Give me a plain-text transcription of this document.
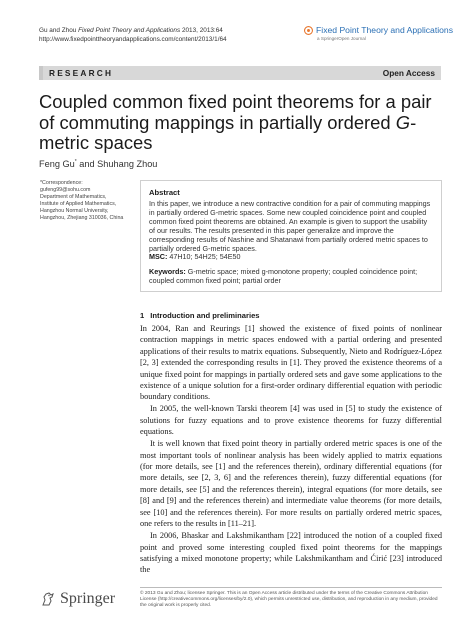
Gu and Zhou Fixed Point Theory and Applications 2013, 2013:64
http://www.fixedpointtheoryandapplications.com/content/2013/1/64
Fixed Point Theory and Applications
a SpringerOpen Journal
RESEARCH	Open Access
Coupled common fixed point theorems for a pair of commuting mappings in partially ordered G-metric spaces
Feng Gu* and Shuhang Zhou
*Correspondence:
gufeng99@sohu.com
Department of Mathematics,
Institute of Applied Mathematics,
Hangzhou Normal University,
Hangzhou, Zhejiang 310036, China
Abstract

In this paper, we introduce a new contractive condition for a pair of commuting mappings in partially ordered G-metric spaces. Some new coupled coincidence point and coupled common fixed point theorems are obtained. An example is given to support the usability of our results. The results presented in this paper generalize and improve the corresponding results of Nashine and Shatanawi from partially ordered metric spaces to partially ordered G-metric spaces.

MSC: 47H10; 54H25; 54E50

Keywords: G-metric space; mixed g-monotone property; coupled coincidence point; coupled common fixed point; partial order

1 Introduction and preliminaries

In 2004, Ran and Reurings [1] showed the existence of fixed points of nonlinear contraction mappings in metric spaces endowed with a partial ordering and presented applications of their results to matrix equations. Subsequently, Nieto and Rodríguez-López [2, 3] extended the corresponding results in [1]. They proved the existence theorems of a unique fixed point for mappings in partially ordered sets and gave some applications to the existence of a unique solution for a first-order ordinary differential equation with periodic boundary conditions.

In 2005, the well-known Tarski theorem [4] was used in [5] to study the existence of solutions for fuzzy equations and to prove existence theorems for fuzzy differential equations.

It is well known that fixed point theory in partially ordered metric spaces is one of the most important tools of nonlinear analysis has been widely applied to matrix equations (for more details, see [1] and the references therein), ordinary differential equations (for more details, see [2, 3, 6] and the references therein), fuzzy differential equations (for more details, see [5] and the references therein), integral equations (for more details, see [8] and [9] and the references therein) and intermediate value theorems (for more details, see [10] and the references therein). For more results on partially ordered metric spaces, one refers to the results in [11–21].

In 2006, Bhaskar and Lakshmikantham [22] introduced the notion of a coupled fixed point and proved some interesting coupled fixed point theorems for the mappings satisfying a mixed monotone property; while Lakshmikantham and Ćirić [23] introduced the

Springer	© 2013 Gu and Zhou; licensee Springer. This is an Open Access article distributed under the terms of the Creative Commons Attribution License (http://creativecommons.org/licenses/by/2.0), which permits unrestricted use, distribution, and reproduction in any medium, provided the original work is properly cited.
